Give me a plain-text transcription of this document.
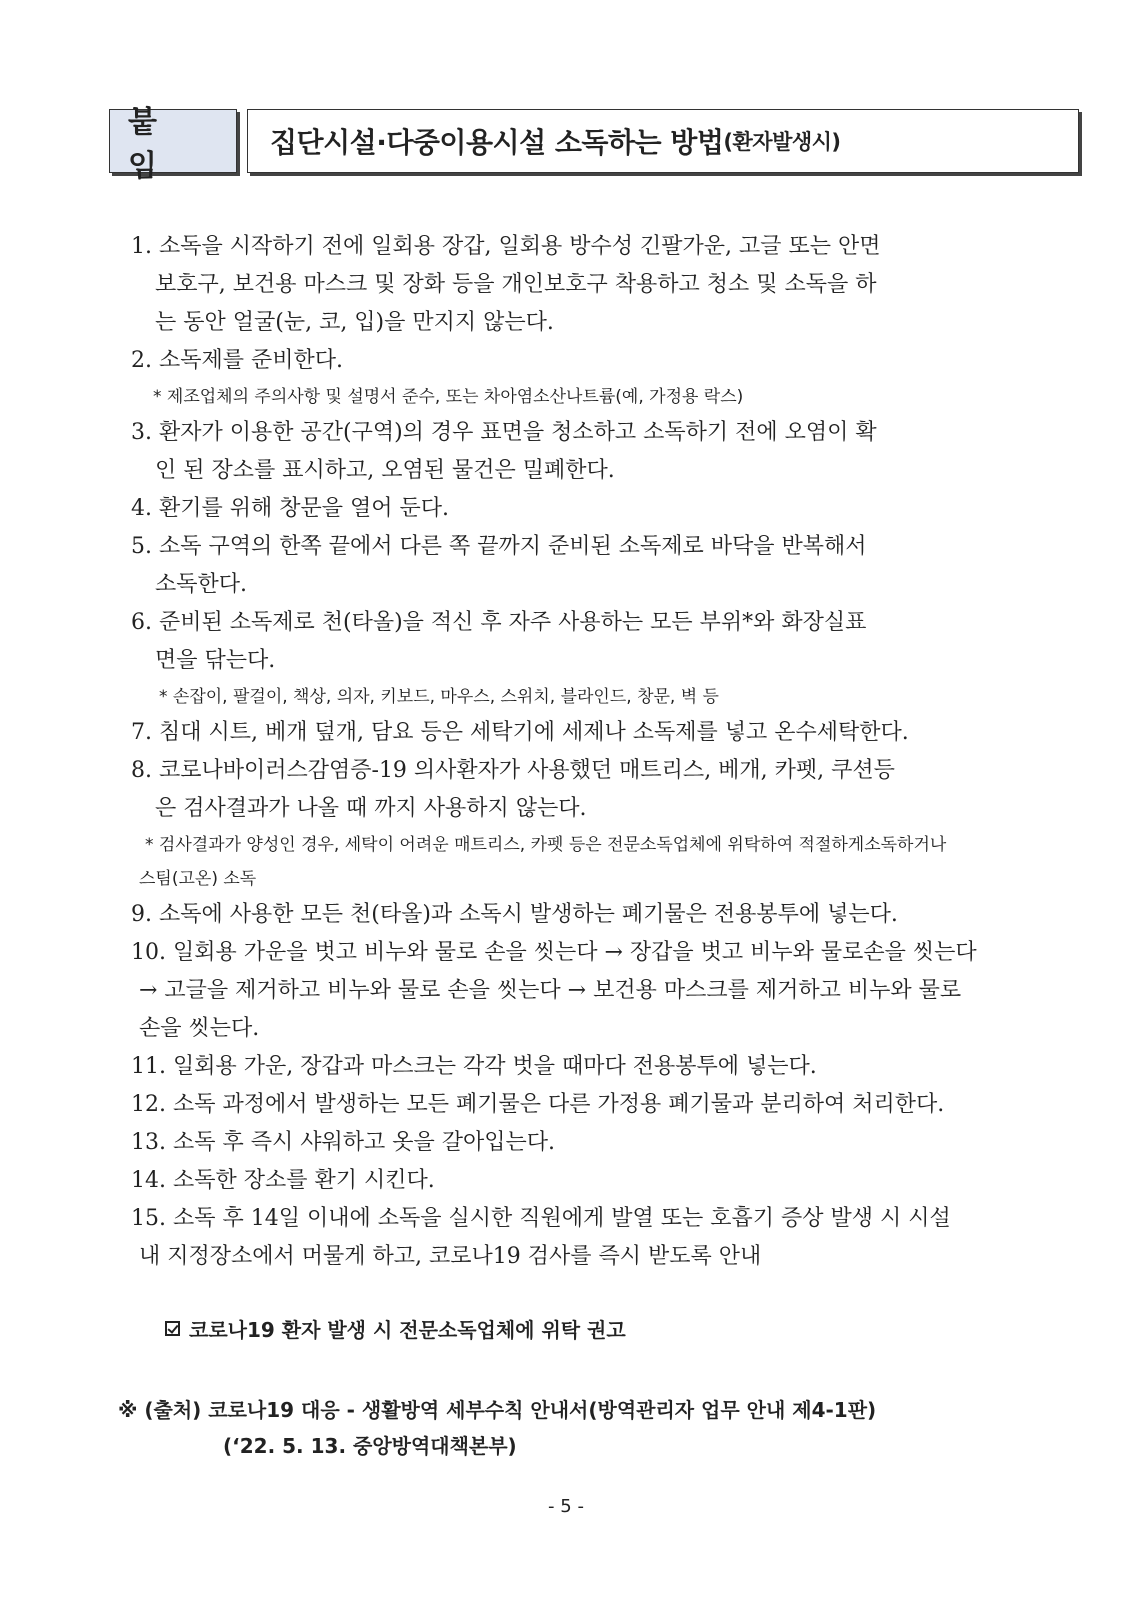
붙 임
집단시설·다중이용시설 소독하는 방법 (환자발생시)
1. 소독을 시작하기 전에 일회용 장갑, 일회용 방수성 긴팔가운, 고글 또는 안면
보호구, 보건용 마스크 및 장화 등을 개인보호구 착용하고 청소 및 소독을 하
는 동안 얼굴(눈, 코, 입)을 만지지 않는다.
2. 소독제를 준비한다.
* 제조업체의 주의사항 및 설명서 준수, 또는 차아염소산나트륨(예, 가정용 락스)
3. 환자가 이용한 공간(구역)의 경우 표면을 청소하고 소독하기 전에 오염이 확
인 된 장소를 표시하고, 오염된 물건은 밀폐한다.
4. 환기를 위해 창문을 열어 둔다.
5. 소독 구역의 한쪽 끝에서 다른 쪽 끝까지 준비된 소독제로 바닥을 반복해서
소독한다.
6. 준비된 소독제로 천(타올)을 적신 후 자주 사용하는 모든 부위*와 화장실표
면을 닦는다.
* 손잡이, 팔걸이, 책상, 의자, 키보드, 마우스, 스위치, 블라인드, 창문, 벽 등
7. 침대 시트, 베개 덮개, 담요 등은 세탁기에 세제나 소독제를 넣고 온수세탁한다.
8. 코로나바이러스감염증-19 의사환자가 사용했던 매트리스, 베개, 카펫, 쿠션등
은 검사결과가 나올 때 까지 사용하지 않는다.
* 검사결과가 양성인 경우, 세탁이 어려운 매트리스, 카펫 등은 전문소독업체에 위탁하여 적절하게소독하거나
스팀(고온) 소독
9. 소독에 사용한 모든 천(타올)과 소독시 발생하는 폐기물은 전용봉투에 넣는다.
10. 일회용 가운을 벗고 비누와 물로 손을 씻는다 → 장갑을 벗고 비누와 물로손을 씻는다
→ 고글을 제거하고 비누와 물로 손을 씻는다 → 보건용 마스크를 제거하고 비누와 물로
손을 씻는다.
11. 일회용 가운, 장갑과 마스크는 각각 벗을 때마다 전용봉투에 넣는다.
12. 소독 과정에서 발생하는 모든 폐기물은 다른 가정용 폐기물과 분리하여 처리한다.
13. 소독 후 즉시 샤워하고 옷을 갈아입는다.
14. 소독한 장소를 환기 시킨다.
15. 소독 후 14일 이내에 소독을 실시한 직원에게 발열 또는 호흡기 증상 발생 시 시설
내 지정장소에서 머물게 하고, 코로나19 검사를 즉시 받도록 안내
코로나19 환자 발생 시 전문소독업체에 위탁 권고
※ (출처) 코로나19 대응 - 생활방역 세부수칙 안내서(방역관리자 업무 안내 제4-1판)
(‘22. 5. 13. 중앙방역대책본부)
- 5 -
